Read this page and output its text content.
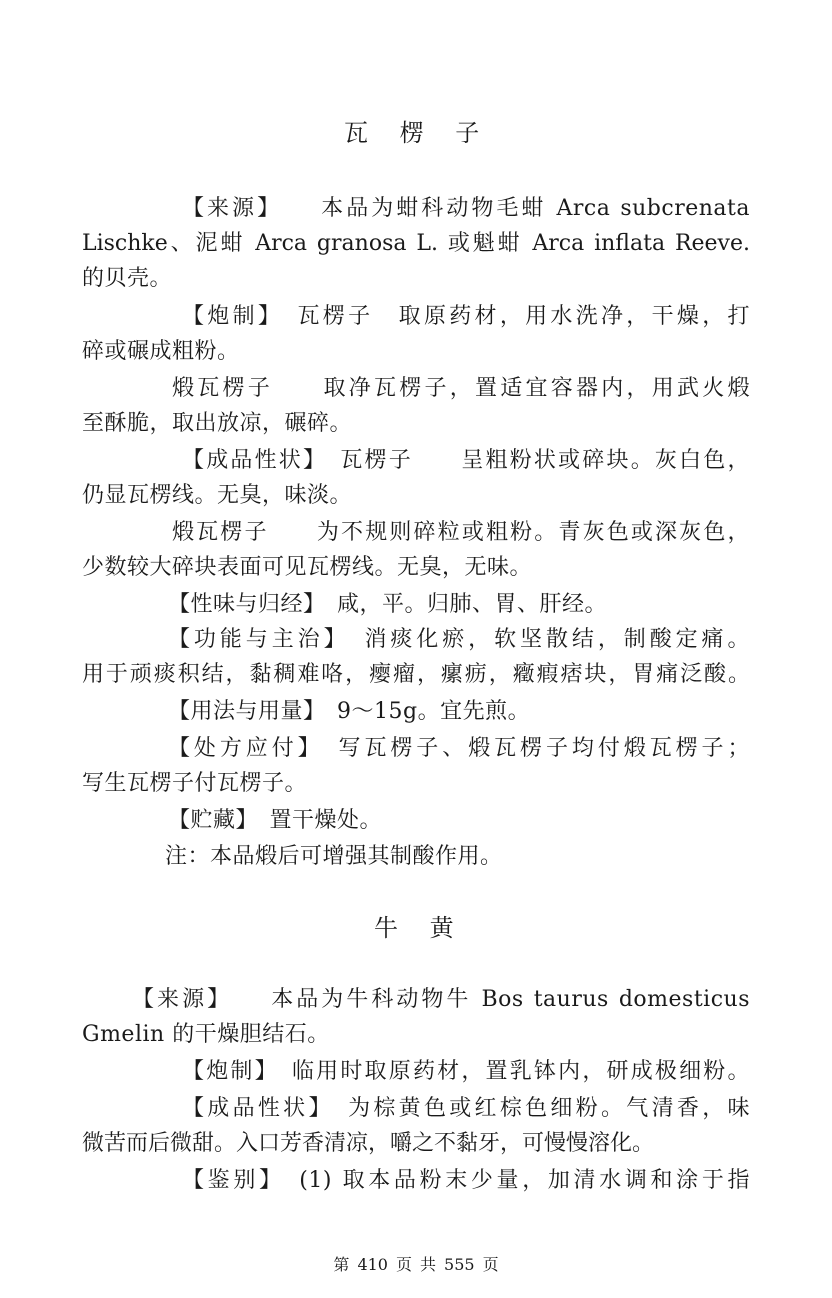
瓦 楞 子
【来源】　　本品为蚶科动物毛蚶 Arca subcrenata
Lischke、泥蚶 Arca granosa L. 或魁蚶 Arca inflata Reeve.
的贝壳。
【炮制】　瓦楞子　取原药材，用水洗净，干燥，打
碎或碾成粗粉。
煅瓦楞子　　取净瓦楞子，置适宜容器内，用武火煅
至酥脆，取出放凉，碾碎。
【成品性状】　瓦楞子　　呈粗粉状或碎块。灰白色，
仍显瓦楞线。无臭，味淡。
煅瓦楞子　　为不规则碎粒或粗粉。青灰色或深灰色，
少数较大碎块表面可见瓦楞线。无臭，无味。
【性味与归经】　咸，平。归肺、胃、肝经。
【功能与主治】　消痰化瘀，软坚散结，制酸定痛。
用于顽痰积结，黏稠难咯，瘿瘤，瘰疬，癥瘕痞块，胃痛泛酸。
【用法与用量】　9～15g。宜先煎。
【处方应付】　写瓦楞子、煅瓦楞子均付煅瓦楞子；
写生瓦楞子付瓦楞子。
【贮藏】　置干燥处。
注：本品煅后可增强其制酸作用。
牛 黄
【来源】　　本品为牛科动物牛 Bos taurus domesticus
Gmelin 的干燥胆结石。
【炮制】　临用时取原药材，置乳钵内，研成极细粉。
【成品性状】　为棕黄色或红棕色细粉。气清香，味
微苦而后微甜。入口芳香清凉，嚼之不黏牙，可慢慢溶化。
【鉴别】　(1) 取本品粉末少量，加清水调和涂于指
第 410 页 共 555 页
